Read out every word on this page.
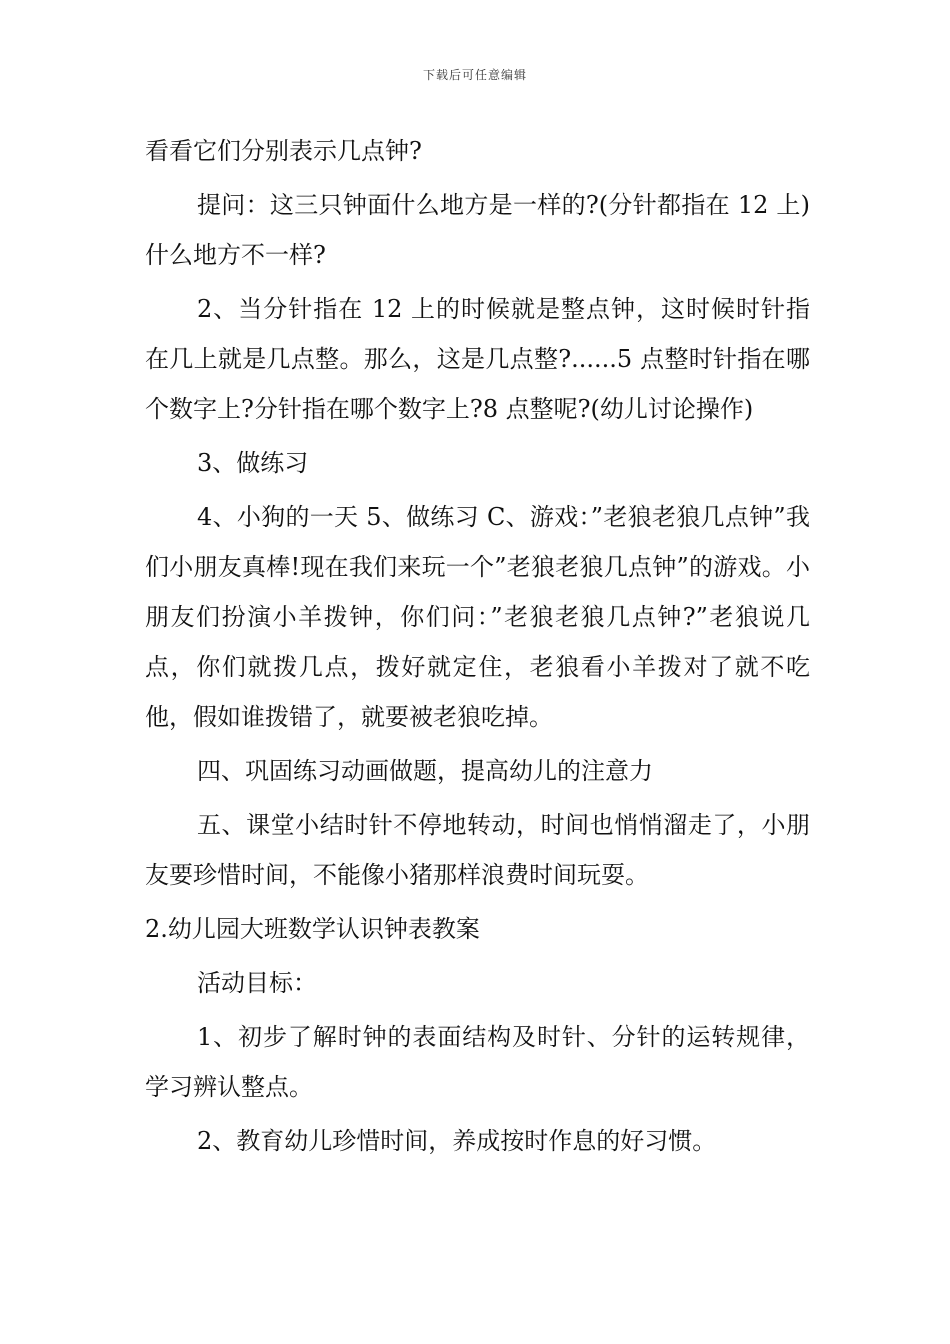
下载后可任意编辑

看看它们分别表示几点钟?

提问：这三只钟面什么地方是一样的?(分针都指在 12 上)什么地方不一样?

2、当分针指在 12 上的时候就是整点钟，这时候时针指在几上就是几点整。那么，这是几点整?......5 点整时针指在哪个数字上?分针指在哪个数字上?8 点整呢?(幼儿讨论操作)

3、做练习

4、小狗的一天 5、做练习 C、游戏：”老狼老狼几点钟”我们小朋友真棒!现在我们来玩一个”老狼老狼几点钟”的游戏。小朋友们扮演小羊拨钟，你们问：”老狼老狼几点钟?”老狼说几点，你们就拨几点，拨好就定住，老狼看小羊拨对了就不吃他，假如谁拨错了，就要被老狼吃掉。

四、巩固练习动画做题，提高幼儿的注意力

五、课堂小结时针不停地转动，时间也悄悄溜走了，小朋友要珍惜时间，不能像小猪那样浪费时间玩耍。

2.幼儿园大班数学认识钟表教案

活动目标：

1、初步了解时钟的表面结构及时针、分针的运转规律，学习辨认整点。

2、教育幼儿珍惜时间，养成按时作息的好习惯。
